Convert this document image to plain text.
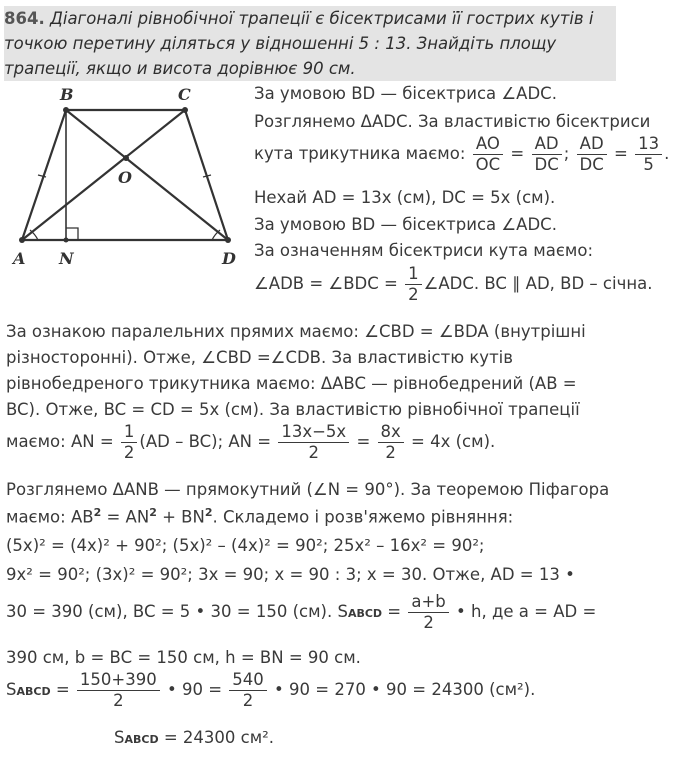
864. Діагоналі рівнобічної трапеції є бісектрисами її гострих кутів і
точкою перетину діляться у відношенні 5 : 13. Знайдіть площу
трапеції, якщо и висота дорівнює 90 см.
B	C
O
A N	D
За умовою BD — бісектриса ∠ADC.
Розглянемо ΔADC. За властивістю бісектриси
кута трикутника маємо: $\frac{AO}{OC} = \frac{AD}{DC}$ ; $\frac{AD}{DC} = \frac{13}{5}$ .
Нехай AD = 13x (см), DC = 5x (см).
За умовою BD — бісектриса ∠ADC.
За означенням бісектриси кута маємо:
∠ADB = ∠BDC = $\frac{1}{2}$ ∠ADC. BC ∥ AD, BD – січна.
За ознакою паралельних прямих маємо: ∠CBD = ∠BDA (внутрішні
різносторонні). Отже, ∠CBD =∠CDB. За властивістю кутів
рівнобедреного трикутника маємо: ΔABC — рівнобедрений (AB =
BC). Отже, BC = CD = 5x (см). За властивістю рівнобічної трапеції
маємо: AN = $\frac{1}{2} (AD - BC)$; AN = $\frac{13x-5x}{2} = \frac{8x}{2} = 4x$ (см).
Розглянемо ΔANB — прямокутний (∠N = 90°). За теоремою Піфагора
маємо: $AB^2 = AN^2 + BN^2$. Складемо і розв'яжемо рівняння:
(5x)² = (4x)² + 90²; (5x)² – (4x)² = 90²; 25x² – 16x² = 90²;
9x² = 90²; (3x)² = 90²; 3x = 90; x = 90 : 3; x = 30. Отже, AD = 13 •
30 = 390 (см), BC = 5 • 30 = 150 (см). SABCD = $\frac{a+b}{2}$ • h, де a = AD =
390 см, b = BC = 150 см, h = BN = 90 см.
SABCD = $\frac{150+390}{2}$ • $90 = \frac{540}{2}$ • 90 = 270 • 90 = 24300 (см²).
SABCD = 24300 см².
